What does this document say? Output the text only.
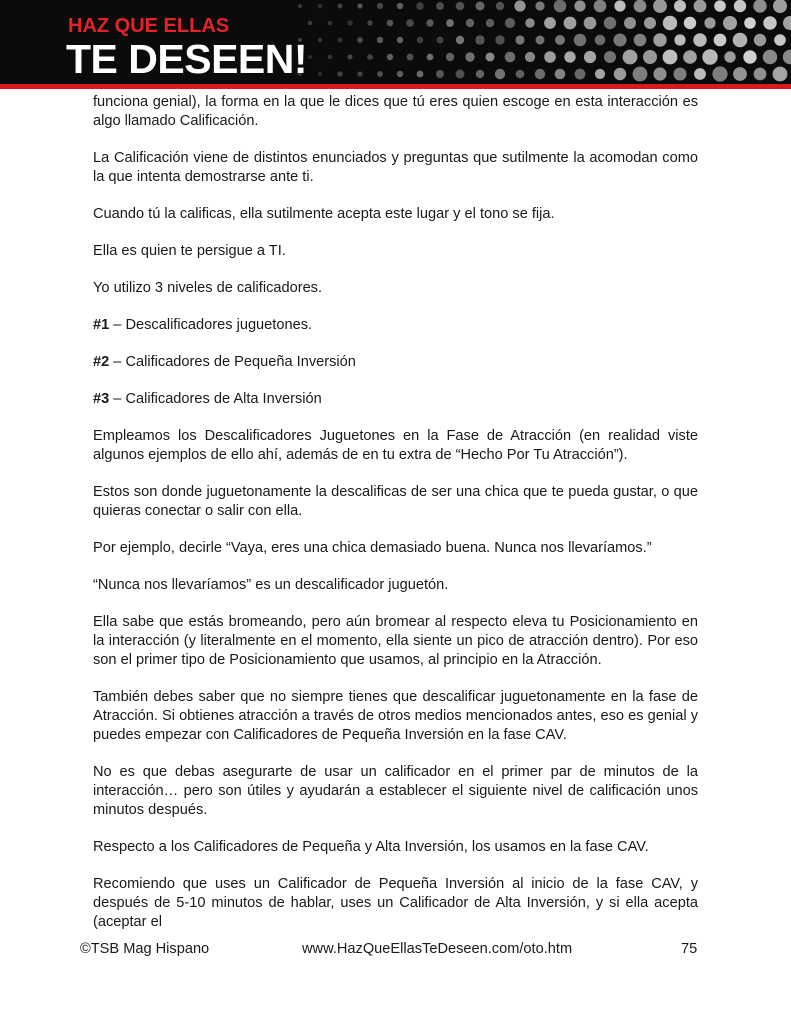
HAZ QUE ELLAS
TE DESEEN!

funciona genial), la forma en la que le dices que tú eres quien escoge en esta interacción es algo llamado Calificación.

La Calificación viene de distintos enunciados y preguntas que sutilmente la acomodan como la que intenta demostrarse ante ti.

Cuando tú la calificas, ella sutilmente acepta este lugar y el tono se fija.

Ella es quien te persigue a TI.

Yo utilizo 3 niveles de calificadores.

#1 – Descalificadores juguetones.

#2 – Calificadores de Pequeña Inversión

#3 – Calificadores de Alta Inversión

Empleamos los Descalificadores Juguetones en la Fase de Atracción (en realidad viste algunos ejemplos de ello ahí, además de en tu extra de “Hecho Por Tu Atracción”).

Estos son donde juguetonamente la descalificas de ser una chica que te pueda gustar, o que quieras conectar o salir con ella.

Por ejemplo, decirle “Vaya, eres una chica demasiado buena. Nunca nos llevaríamos.”

“Nunca nos llevaríamos” es un descalificador juguetón.

Ella sabe que estás bromeando, pero aún bromear al respecto eleva tu Posicionamiento en la interacción (y literalmente en el momento, ella siente un pico de atracción dentro). Por eso son el primer tipo de Posicionamiento que usamos, al principio en la Atracción.

También debes saber que no siempre tienes que descalificar juguetonamente en la fase de Atracción. Si obtienes atracción a través de otros medios mencionados antes, eso es genial y puedes empezar con Calificadores de Pequeña Inversión en la fase CAV.

No es que debas asegurarte de usar un calificador en el primer par de minutos de la interacción… pero son útiles y ayudarán a establecer el siguiente nivel de calificación unos minutos después.

Respecto a los Calificadores de Pequeña y Alta Inversión, los usamos en la fase CAV.

Recomiendo que uses un Calificador de Pequeña Inversión al inicio de la fase CAV, y después de 5-10 minutos de hablar, uses un Calificador de Alta Inversión, y si ella acepta (aceptar el

©TSB Mag Hispano	www.HazQueEllasTeDeseen.com/oto.htm	75
